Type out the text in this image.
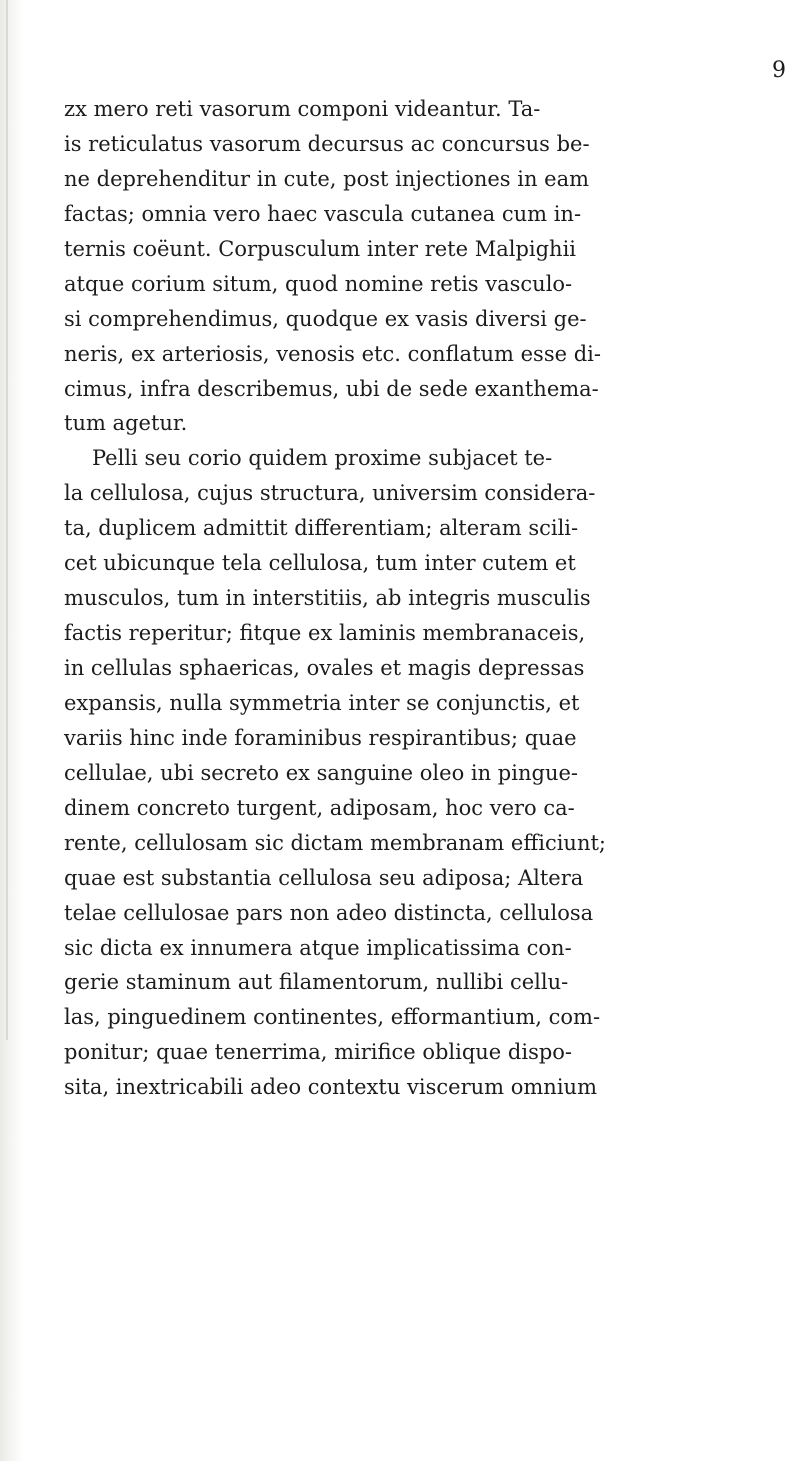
9
zx mero reti vasorum componi videantur. Ta-
is reticulatus vasorum decursus ac concursus be-
ne deprehenditur in cute, post injectiones in eam
factas; omnia vero haec vascula cutanea cum in-
ternis coëunt. Corpusculum inter rete Malpighii
atque corium situm, quod nomine retis vasculo-
si comprehendimus, quodque ex vasis diversi ge-
neris, ex arteriosis, venosis etc. conflatum esse di-
cimus, infra describemus, ubi de sede exanthema-
tum agetur.
Pelli seu corio quidem proxime subjacet te-
la cellulosa, cujus structura, universim considera-
ta, duplicem admittit differentiam; alteram scili-
cet ubicunque tela cellulosa, tum inter cutem et
musculos, tum in interstitiis, ab integris musculis
factis reperitur; fitque ex laminis membranaceis,
in cellulas sphaericas, ovales et magis depressas
expansis, nulla symmetria inter se conjunctis, et
variis hinc inde foraminibus respirantibus; quae
cellulae, ubi secreto ex sanguine oleo in pingue-
dinem concreto turgent, adiposam, hoc vero ca-
rente, cellulosam sic dictam membranam efficiunt;
quae est substantia cellulosa seu adiposa; Altera
telae cellulosae pars non adeo distincta, cellulosa
sic dicta ex innumera atque implicatissima con-
gerie staminum aut filamentorum, nullibi cellu-
las, pinguedinem continentes, efformantium, com-
ponitur; quae tenerrima, mirifice oblique dispo-
sita, inextricabili adeo contextu viscerum omnium
